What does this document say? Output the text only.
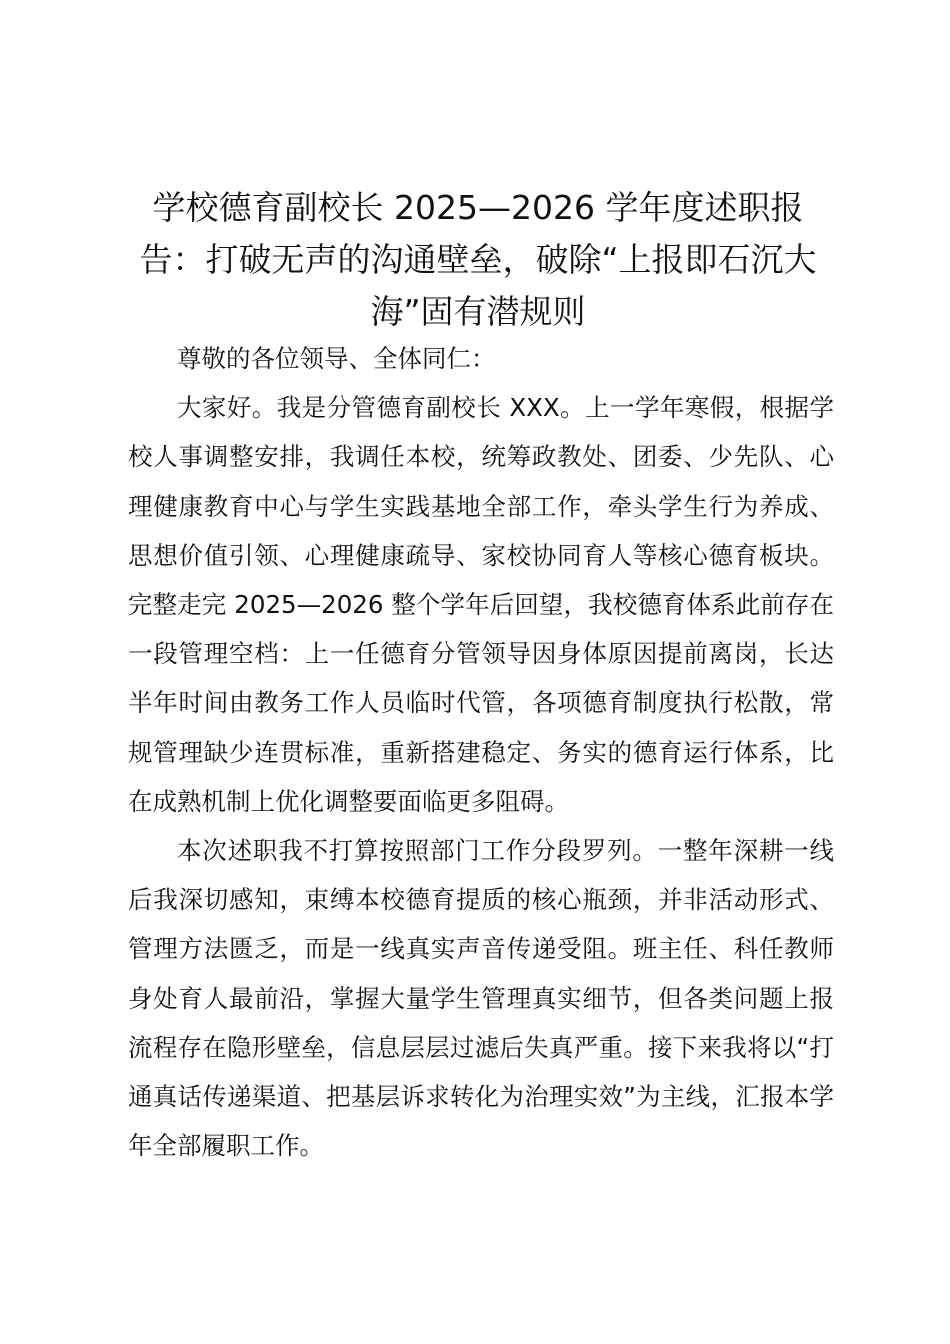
学校德育副校长 2025—2026 学年度述职报告：打破无声的沟通壁垒，破除“上报即石沉大海”固有潜规则

尊敬的各位领导、全体同仁：

大家好。我是分管德育副校长 XXX。上一学年寒假，根据学校人事调整安排，我调任本校，统筹政教处、团委、少先队、心理健康教育中心与学生实践基地全部工作，牵头学生行为养成、思想价值引领、心理健康疏导、家校协同育人等核心德育板块。完整走完 2025—2026 整个学年后回望，我校德育体系此前存在一段管理空档：上一任德育分管领导因身体原因提前离岗，长达半年时间由教务工作人员临时代管，各项德育制度执行松散，常规管理缺少连贯标准，重新搭建稳定、务实的德育运行体系，比在成熟机制上优化调整要面临更多阻碍。

本次述职我不打算按照部门工作分段罗列。一整年深耕一线后我深切感知，束缚本校德育提质的核心瓶颈，并非活动形式、管理方法匮乏，而是一线真实声音传递受阻。班主任、科任教师身处育人最前沿，掌握大量学生管理真实细节，但各类问题上报流程存在隐形壁垒，信息层层过滤后失真严重。接下来我将以“打通真话传递渠道、把基层诉求转化为治理实效”为主线，汇报本学年全部履职工作。
